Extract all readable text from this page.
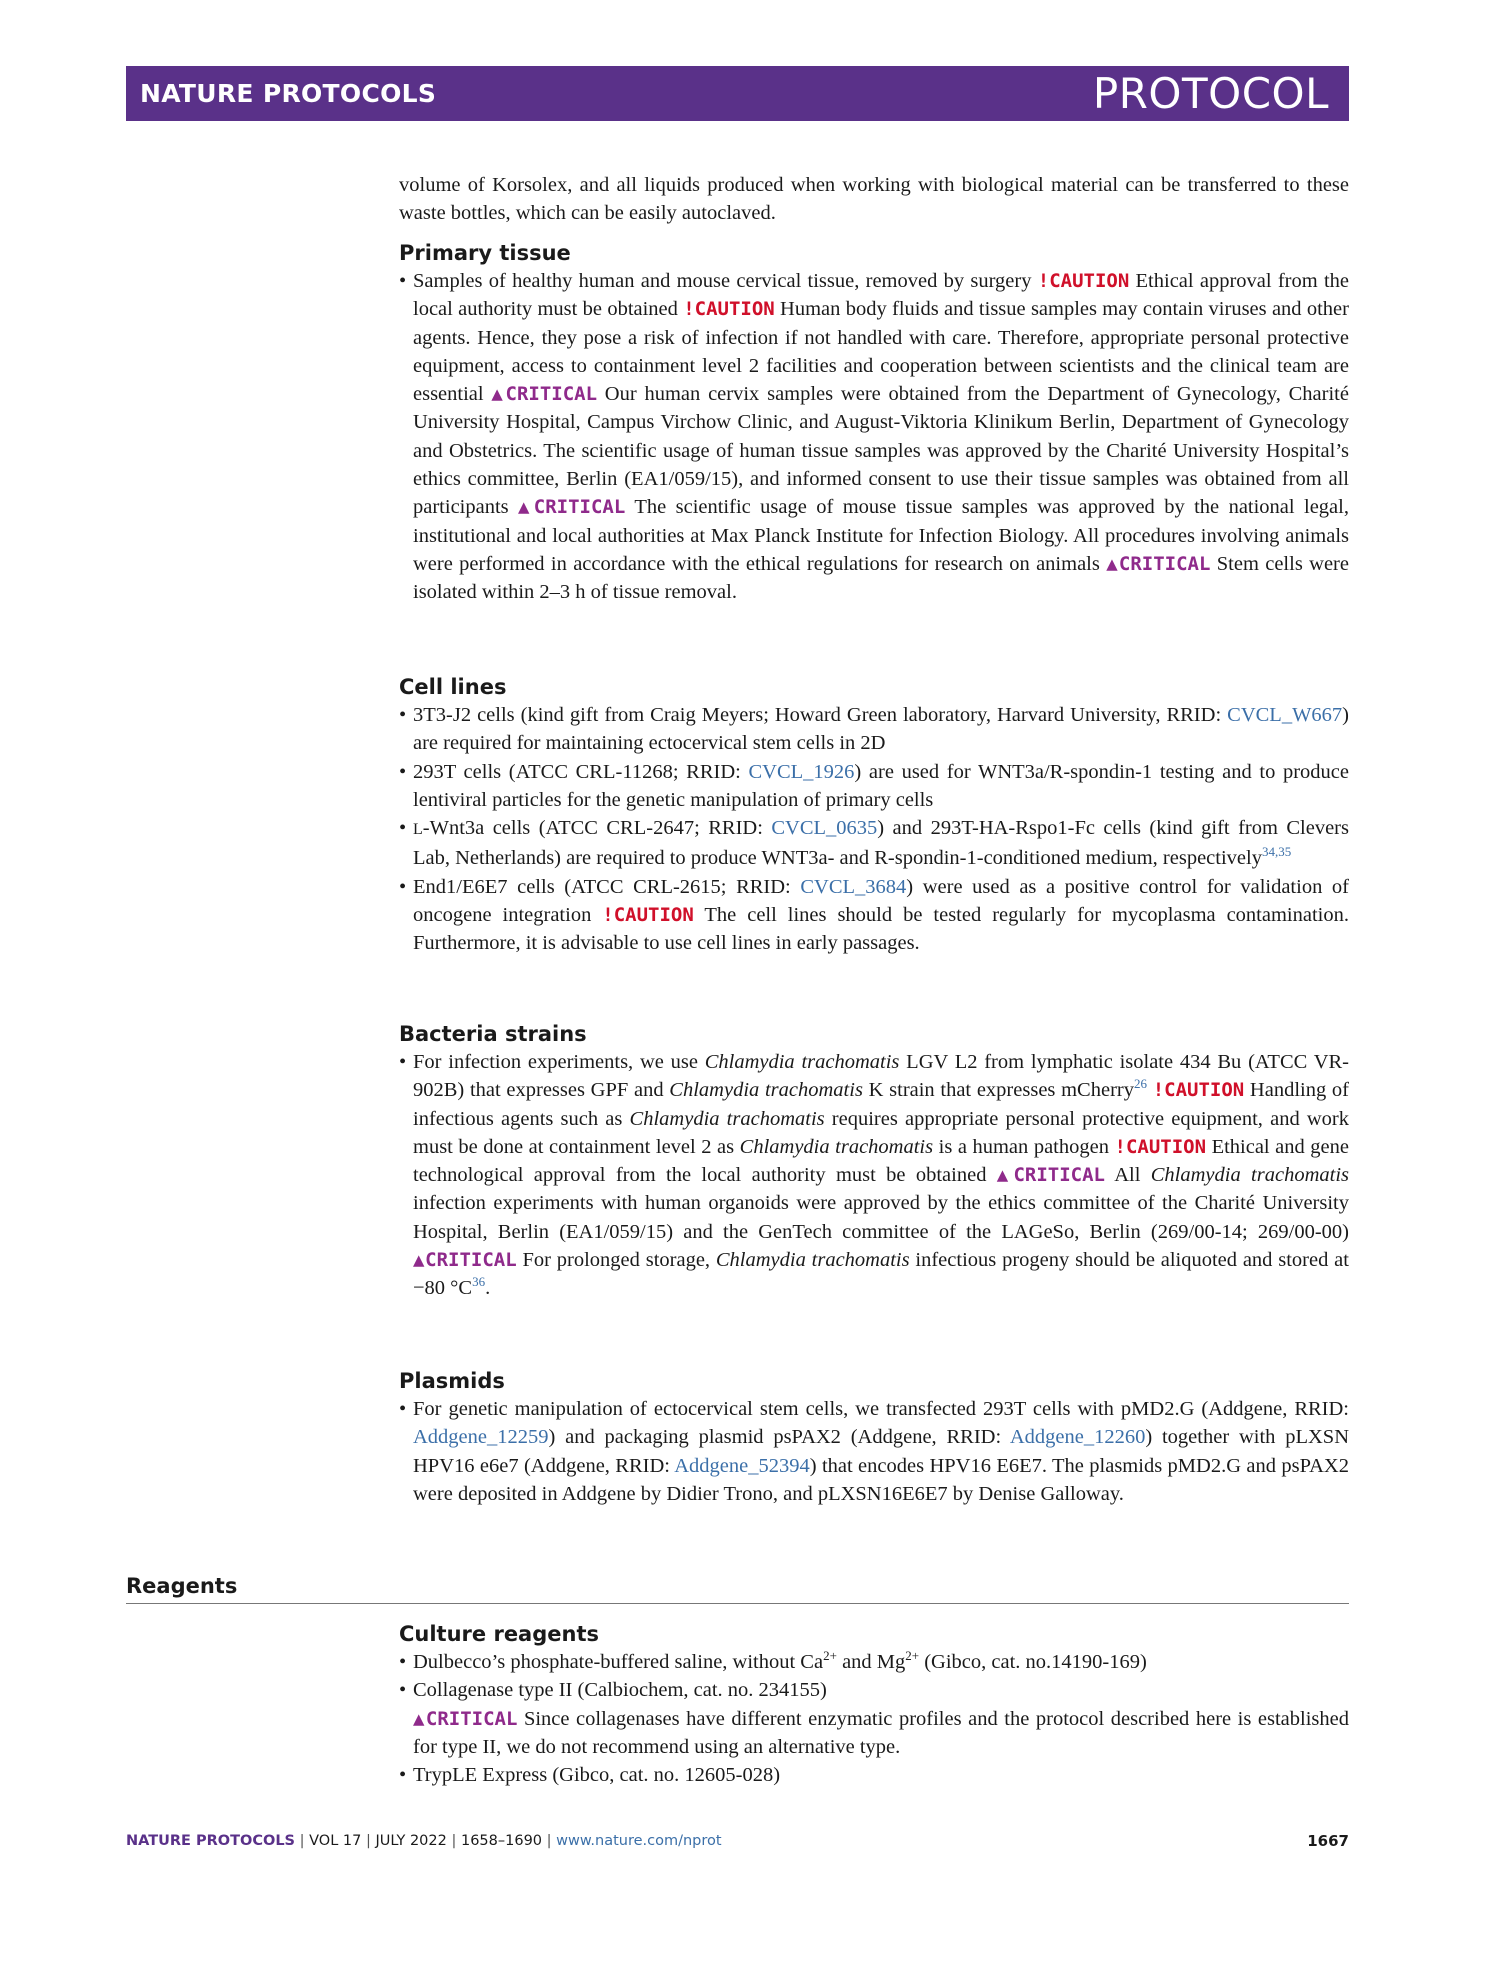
NATURE PROTOCOLS	PROTOCOL

volume of Korsolex, and all liquids produced when working with biological material can be transferred to these waste bottles, which can be easily autoclaved.

Primary tissue
• Samples of healthy human and mouse cervical tissue, removed by surgery !CAUTION Ethical approval from the local authority must be obtained !CAUTION Human body fluids and tissue samples may contain viruses and other agents. Hence, they pose a risk of infection if not handled with care. Therefore, appropriate personal protective equipment, access to containment level 2 facilities and cooperation between scientists and the clinical team are essential ▲CRITICAL Our human cervix samples were obtained from the Department of Gynecology, Charité University Hospital, Campus Virchow Clinic, and August-Viktoria Klinikum Berlin, Department of Gynecology and Obstetrics. The scientific usage of human tissue samples was approved by the Charité University Hospital’s ethics committee, Berlin (EA1/059/15), and informed consent to use their tissue samples was obtained from all participants ▲CRITICAL The scientific usage of mouse tissue samples was approved by the national legal, institutional and local authorities at Max Planck Institute for Infection Biology. All procedures involving animals were performed in accordance with the ethical regulations for research on animals ▲CRITICAL Stem cells were isolated within 2–3 h of tissue removal.
Cell lines
• 3T3-J2 cells (kind gift from Craig Meyers; Howard Green laboratory, Harvard University, RRID: CVCL_W667) are required for maintaining ectocervical stem cells in 2D
• 293T cells (ATCC CRL-11268; RRID: CVCL_1926) are used for WNT3a/R-spondin-1 testing and to produce lentiviral particles for the genetic manipulation of primary cells
• L-Wnt3a cells (ATCC CRL-2647; RRID: CVCL_0635) and 293T-HA-Rspo1-Fc cells (kind gift from Clevers Lab, Netherlands) are required to produce WNT3a- and R-spondin-1-conditioned medium, respectively$^{34,35}$
• End1/E6E7 cells (ATCC CRL-2615; RRID: CVCL_3684) were used as a positive control for validation of oncogene integration !CAUTION The cell lines should be tested regularly for mycoplasma contamination. Furthermore, it is advisable to use cell lines in early passages.
Bacteria strains
• For infection experiments, we use Chlamydia trachomatis LGV L2 from lymphatic isolate 434 Bu (ATCC VR-902B) that expresses GPF and Chlamydia trachomatis K strain that expresses mCherry$^{26}$ !CAUTION Handling of infectious agents such as Chlamydia trachomatis requires appropriate personal protective equipment, and work must be done at containment level 2 as Chlamydia trachomatis is a human pathogen !CAUTION Ethical and gene technological approval from the local authority must be obtained ▲CRITICAL All Chlamydia trachomatis infection experiments with human organoids were approved by the ethics committee of the Charité University Hospital, Berlin (EA1/059/15) and the GenTech committee of the LAGeSo, Berlin (269/00-14; 269/00-00) ▲CRITICAL For prolonged storage, Chlamydia trachomatis infectious progeny should be aliquoted and stored at −80 °C$^{36}$.
Plasmids
• For genetic manipulation of ectocervical stem cells, we transfected 293T cells with pMD2.G (Addgene, RRID: Addgene_12259) and packaging plasmid psPAX2 (Addgene, RRID: Addgene_12260) together with pLXSN HPV16 e6e7 (Addgene, RRID: Addgene_52394) that encodes HPV16 E6E7. The plasmids pMD2.G and psPAX2 were deposited in Addgene by Didier Trono, and pLXSN16E6E7 by Denise Galloway.
Reagents
Culture reagents
• Dulbecco’s phosphate-buffered saline, without $Ca^{2+}$ and $Mg^{2+}$ (Gibco, cat. no.14190-169)
• Collagenase type II (Calbiochem, cat. no. 234155)
▲CRITICAL Since collagenases have different enzymatic profiles and the protocol described here is established for type II, we do not recommend using an alternative type.
• TrypLE Express (Gibco, cat. no. 12605-028)
NATURE PROTOCOLS | VOL 17 | JULY 2022 | 1658–1690 | www.nature.com/nprot	1667
